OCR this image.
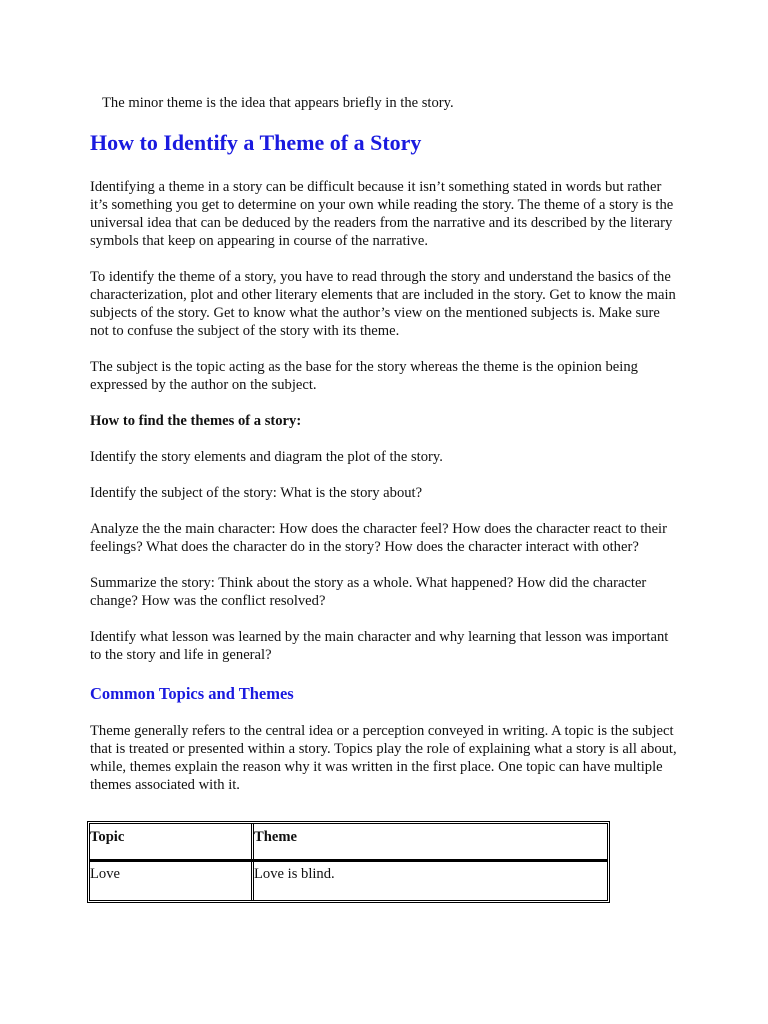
The minor theme is the idea that appears briefly in the story.

How to Identify a Theme of a Story

Identifying a theme in a story can be difficult because it isn’t something stated in words but rather it’s something you get to determine on your own while reading the story. The theme of a story is the universal idea that can be deduced by the readers from the narrative and its described by the literary symbols that keep on appearing in course of the narrative.

To identify the theme of a story, you have to read through the story and understand the basics of the characterization, plot and other literary elements that are included in the story. Get to know the main subjects of the story. Get to know what the author’s view on the mentioned subjects is. Make sure not to confuse the subject of the story with its theme.

The subject is the topic acting as the base for the story whereas the theme is the opinion being expressed by the author on the subject.

How to find the themes of a story:

Identify the story elements and diagram the plot of the story.

Identify the subject of the story: What is the story about?

Analyze the the main character: How does the character feel? How does the character react to their feelings? What does the character do in the story? How does the character interact with other?

Summarize the story: Think about the story as a whole. What happened? How did the character change? How was the conflict resolved?

Identify what lesson was learned by the main character and why learning that lesson was important to the story and life in general?

Common Topics and Themes

Theme generally refers to the central idea or a perception conveyed in writing. A topic is the subject that is treated or presented within a story. Topics play the role of explaining what a story is all about, while, themes explain the reason why it was written in the first place. One topic can have multiple themes associated with it.

Topic	Theme
Love	Love is blind.
